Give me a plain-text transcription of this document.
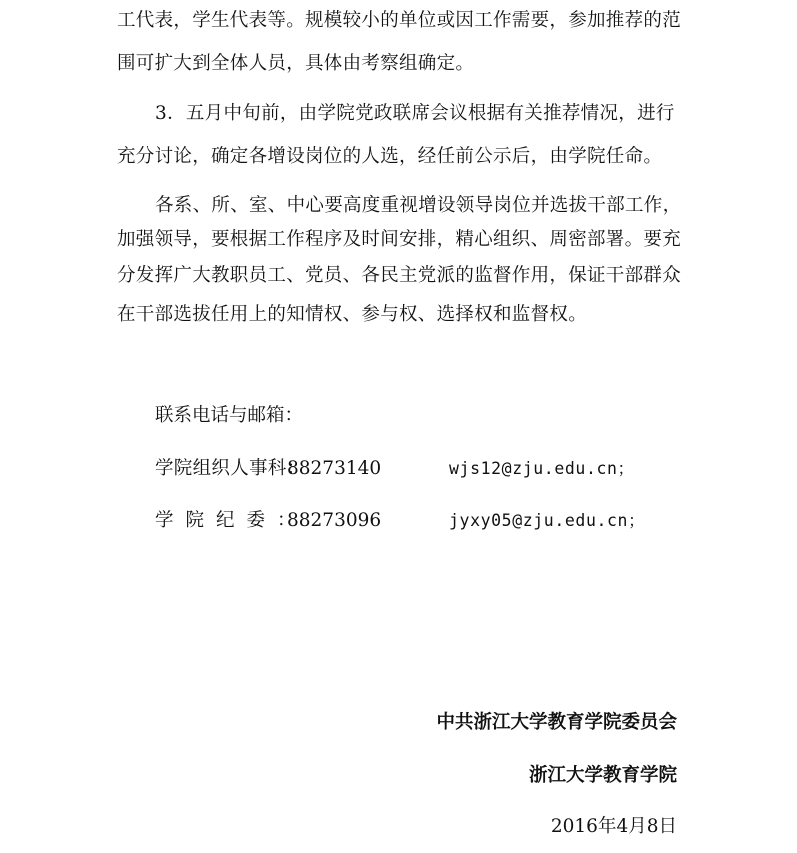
工代表，学生代表等。规模较小的单位或因工作需要，参加推荐的范
围可扩大到全体人员，具体由考察组确定。
3．五月中旬前，由学院党政联席会议根据有关推荐情况，进行
充分讨论，确定各增设岗位的人选，经任前公示后，由学院任命。
各系、所、室、中心要高度重视增设领导岗位并选拔干部工作，
加强领导，要根据工作程序及时间安排，精心组织、周密部署。要充
分发挥广大教职员工、党员、各民主党派的监督作用，保证干部群众
在干部选拔任用上的知情权、参与权、选择权和监督权。
联系电话与邮箱：
学院组织人事科：88273140	wjs12@zju.edu.cn；
学院纪委：88273096	jyxy05@zju.edu.cn；
中共浙江大学教育学院委员会
浙江大学教育学院
2016年4月8日
